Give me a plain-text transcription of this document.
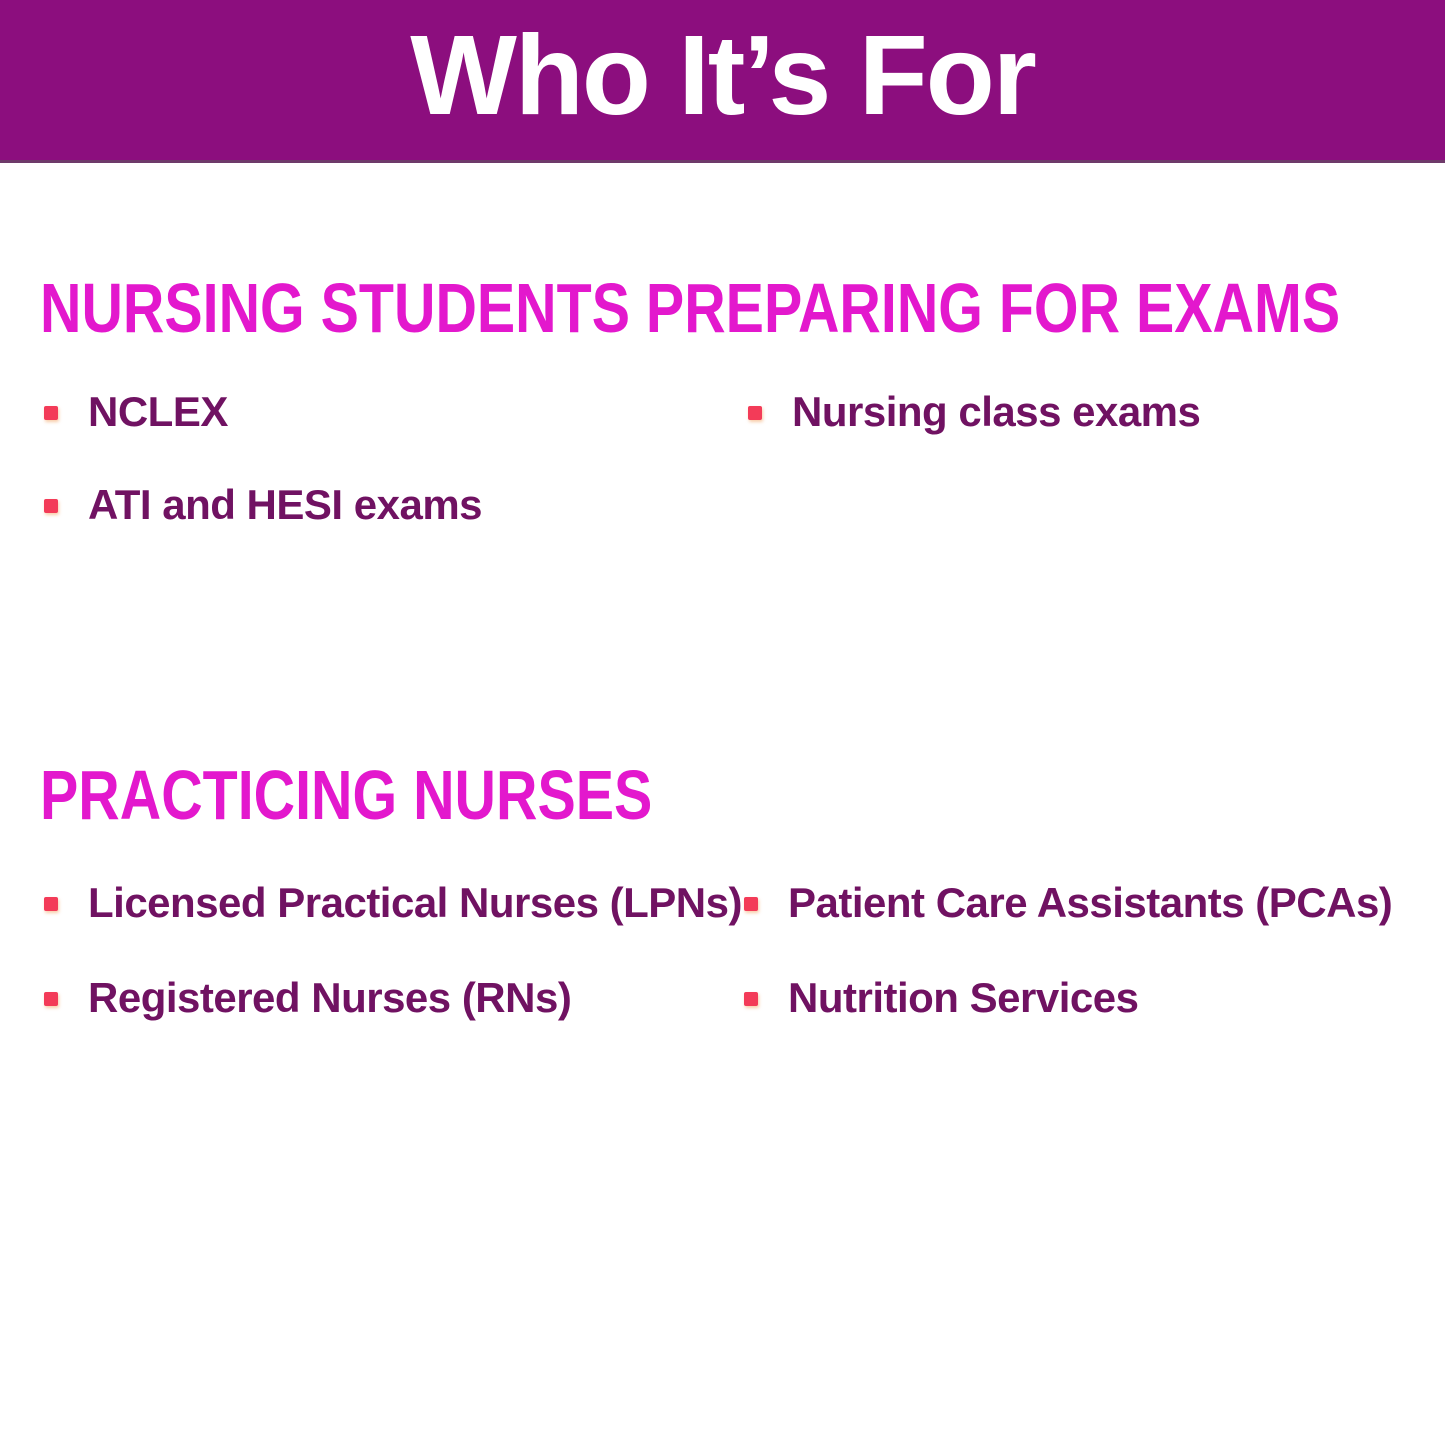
Who It’s For
NURSING STUDENTS PREPARING FOR EXAMS
NCLEX	Nursing class exams
ATI and HESI exams
PRACTICING NURSES
Licensed Practical Nurses (LPNs) Patient Care Assistants (PCAs)
Registered Nurses (RNs)	Nutrition Services
